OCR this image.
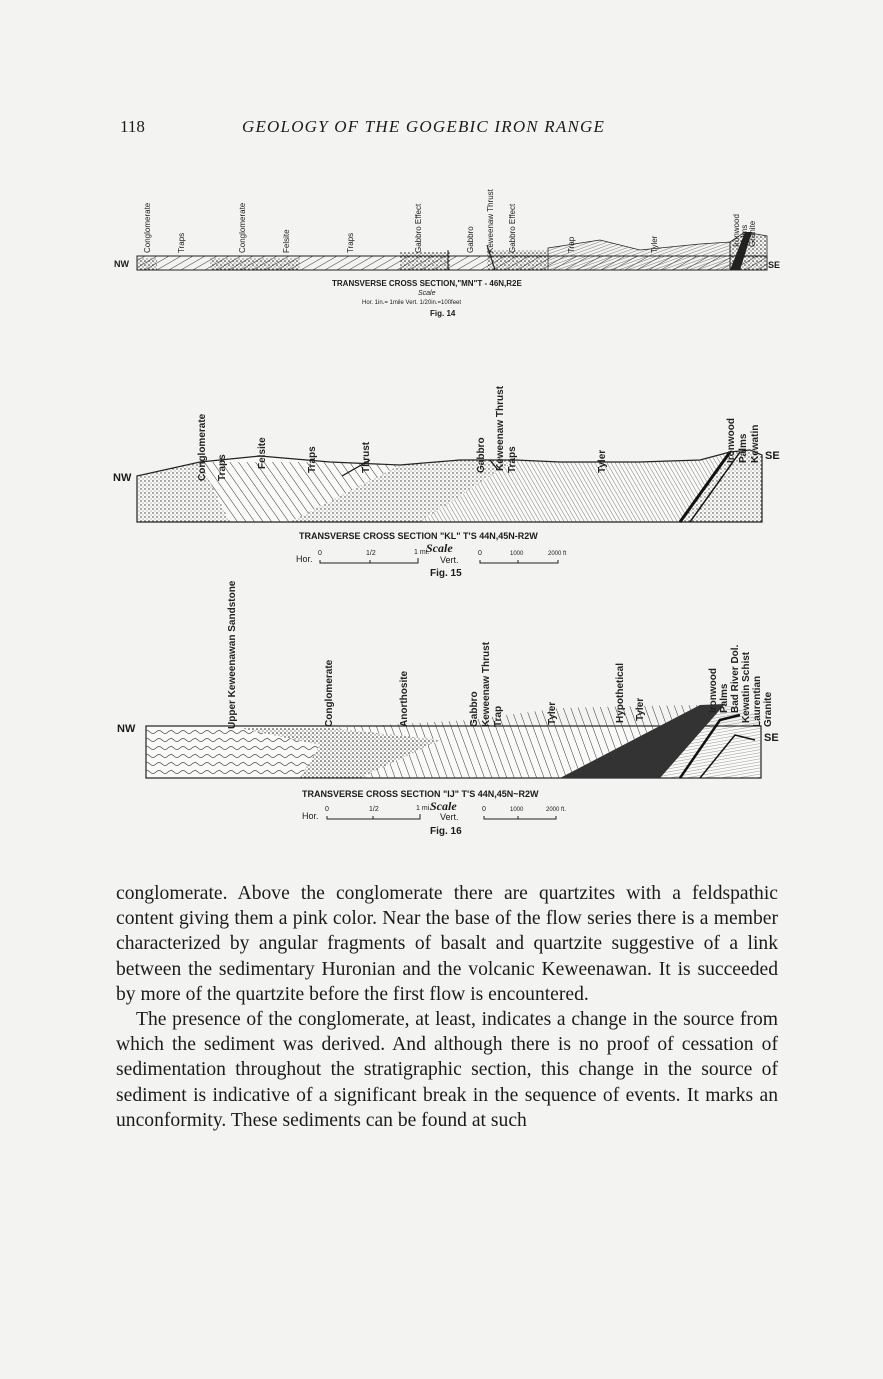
118	GEOLOGY OF THE GOGEBIC IRON RANGE
Conglomerate	Traps	Conglomerate	Felsite	Traps	Gabbro Effect	Gabbro Keweenaw Thrust Gabbro Effect	Trap	Tyler	Ironwood Palms Granite
NW	SE
TRANSVERSE CROSS SECTION,"MN"T - 46N,R2E
Scale
Hor. 1in.= 1mile Vert. 1/20in.=100feet
Fig. 14
Conglomerate Traps	Felsite	Traps	Thrust	Gabbro Keweenaw Thrust Traps	Tyler	Ironwood Palms Kewatin
NW
SE
TRANSVERSE CROSS SECTION "KL" T'S 44N,45N-R2W
Scale
Hor.
0	1/2	1 mi.
Vert.
0	1000	2000 ft
Fig. 15
Upper Keweenawan Sandstone	Conglomerate	Anorthosite	Gabbro Keweenaw Thrust Trap	Tyler	Hypothetical Tyler	Ironwood Palms Bad River Dol. Kewatin Schist Laurentian Granite
NW
SE
TRANSVERSE CROSS SECTION "IJ" T'S 44N,45N~R2W
Scale
Hor.
0	1/2	1 mi.
Vert.
0	1000	2000 ft.
Fig. 16

conglomerate. Above the conglomerate there are quartzites with a feldspathic content giving them a pink color. Near the base of the flow series there is a member characterized by angular fragments of basalt and quartzite suggestive of a link between the sedimentary Huronian and the volcanic Keweenawan. It is succeeded by more of the quartzite before the first flow is encountered.

The presence of the conglomerate, at least, indicates a change in the source from which the sediment was derived. And although there is no proof of cessation of sedimentation throughout the stratigraphic section, this change in the source of sediment is indicative of a significant break in the sequence of events. It marks an unconformity. These sediments can be found at such
